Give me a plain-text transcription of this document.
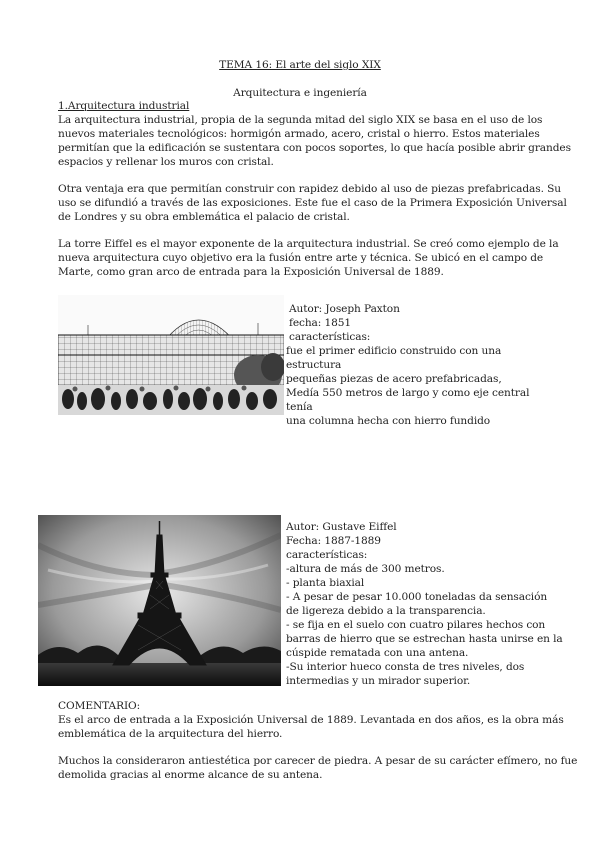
TEMA 16: El arte del siglo XIX
Arquitectura e ingeniería
1.Arquitectura industrial
La arquitectura industrial, propia de la segunda mitad del siglo XIX se basa en el uso de los
nuevos materiales tecnológicos: hormigón armado, acero, cristal o hierro. Estos materiales
permitían que la edificación se sustentara con pocos soportes, lo que hacía posible abrir grandes
espacios y rellenar los muros con cristal.
Otra ventaja era que permitían construir con rapidez debido al uso de piezas prefabricadas. Su
uso se difundió a través de las exposiciones. Este fue el caso de la Primera Exposición Universal
de Londres y su obra emblemática el palacio de cristal.
La torre Eiffel es el mayor exponente de la arquitectura industrial. Se creó como ejemplo de la
nueva arquitectura cuyo objetivo era la fusión entre arte y técnica. Se ubicó en el campo de
Marte, como gran arco de entrada para la Exposición Universal de 1889.
Autor: Joseph Paxton
fecha: 1851
características:
fue el primer edificio construido con una
estructura
pequeñas piezas de acero prefabricadas,
Medía 550 metros de largo y como eje central
tenía
una columna hecha con hierro fundido
Autor: Gustave Eiffel
Fecha: 1887-1889
características:
-altura de más de 300 metros.
- planta biaxial
- A pesar de pesar 10.000 toneladas da sensación
de ligereza debido a la transparencia.
- se fija en el suelo con cuatro pilares hechos con
barras de hierro que se estrechan hasta unirse en la
cúspide rematada con una antena.
-Su interior hueco consta de tres niveles, dos
intermedias y un mirador superior.
COMENTARIO:
Es el arco de entrada a la Exposición Universal de 1889. Levantada en dos años, es la obra más
emblemática de la arquitectura del hierro.
Muchos la consideraron antiestética por carecer de piedra. A pesar de su carácter efímero, no fue
demolida gracias al enorme alcance de su antena.
